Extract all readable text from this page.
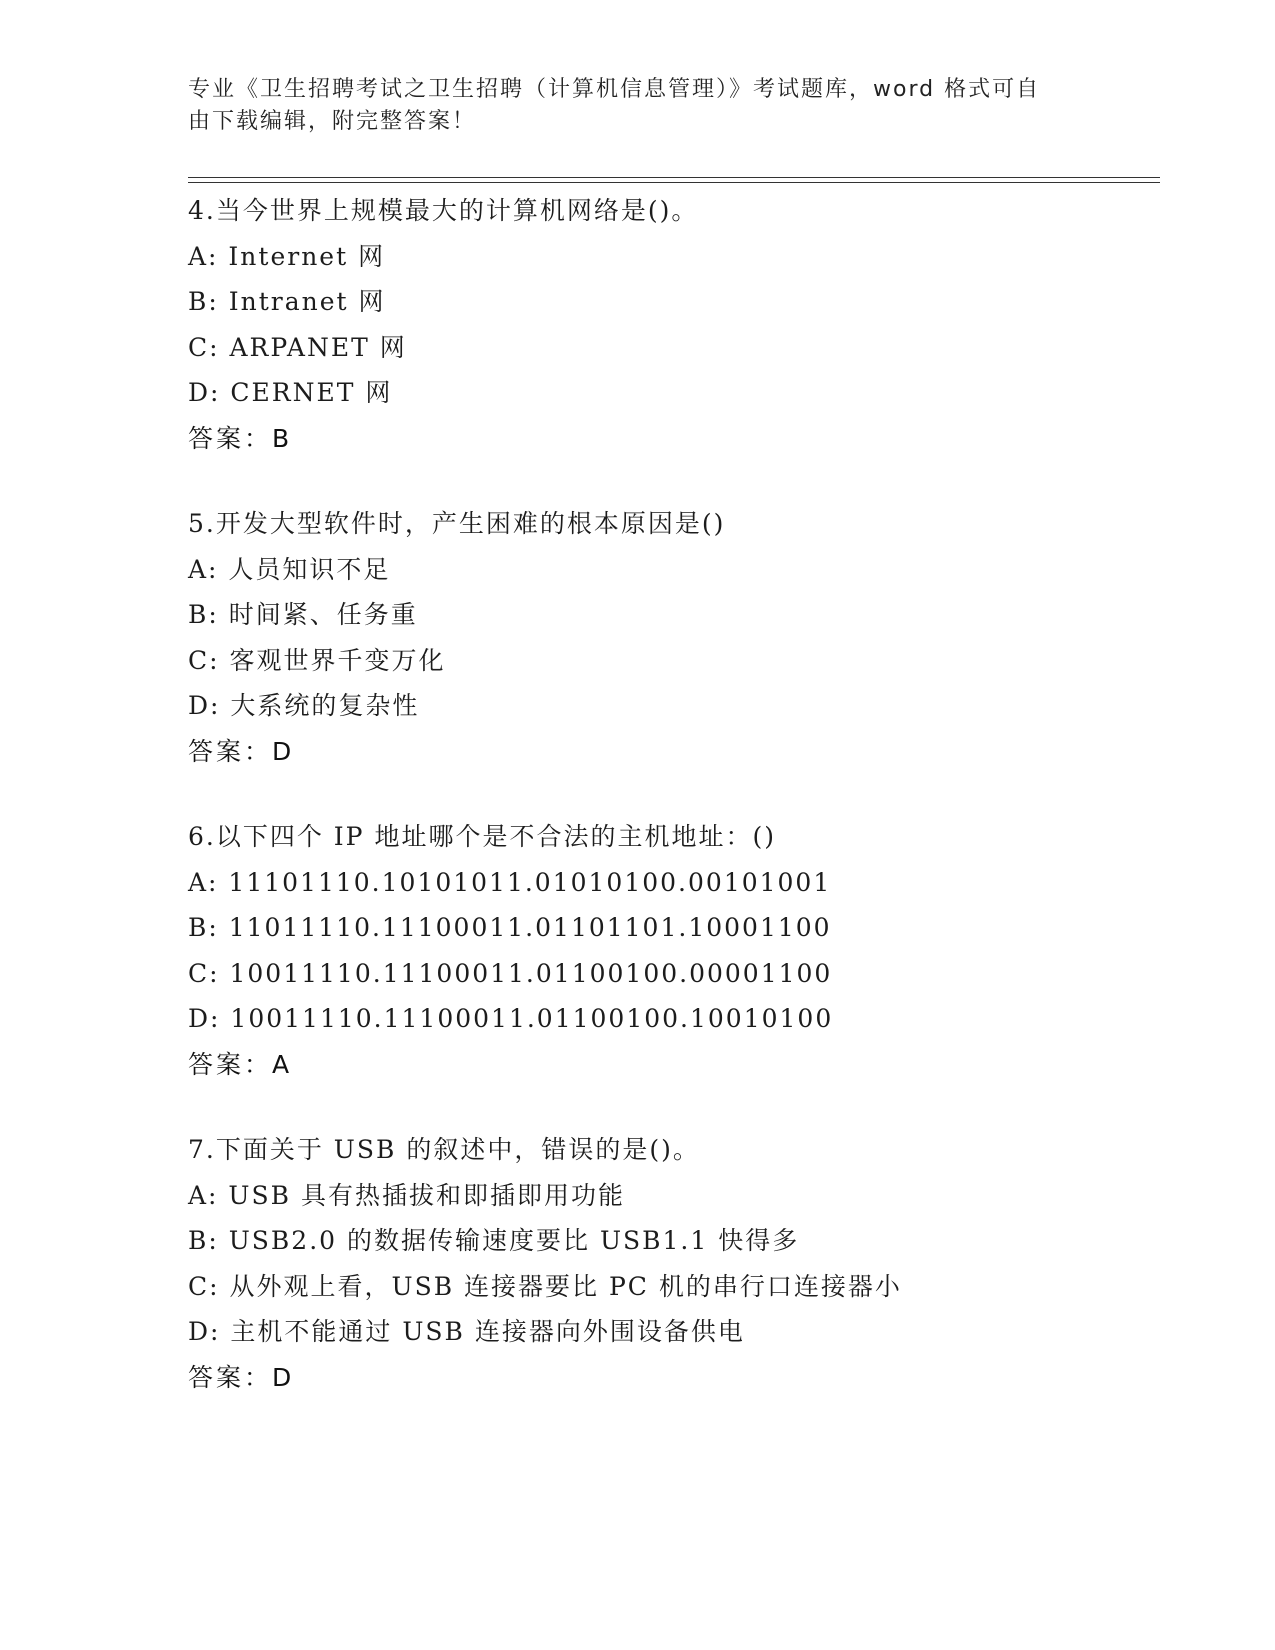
专业《卫生招聘考试之卫生招聘（计算机信息管理）》考试题库，word 格式可自
由下载编辑，附完整答案！
4.当今世界上规模最大的计算机网络是()。
A: Internet 网
B: Intranet 网
C: ARPANET 网
D: CERNET 网
答案：B
5.开发大型软件时，产生困难的根本原因是()
A: 人员知识不足
B: 时间紧、任务重
C: 客观世界千变万化
D: 大系统的复杂性
答案：D
6.以下四个 IP 地址哪个是不合法的主机地址：()
A: 11101110.10101011.01010100.00101001
B: 11011110.11100011.01101101.10001100
C: 10011110.11100011.01100100.00001100
D: 10011110.11100011.01100100.10010100
答案：A
7.下面关于 USB 的叙述中，错误的是()。
A: USB 具有热插拔和即插即用功能
B: USB2.0 的数据传输速度要比 USB1.1 快得多
C: 从外观上看，USB 连接器要比 PC 机的串行口连接器小
D: 主机不能通过 USB 连接器向外围设备供电
答案：D
